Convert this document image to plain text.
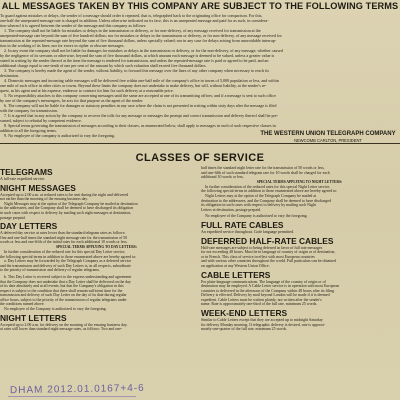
ALL MESSAGES TAKEN BY THIS COMPANY ARE SUBJECT TO THE FOLLOWING TERMS
To guard against mistakes or delays, the sender of a message should order it repeated, that is, telegraphed back to the originating office for comparison. For this,
one-half the unrepeated message rate is charged in addition. Unless otherwise indicated on its face, this is an unrepeated message and paid for as such, in considera-
tion whereof it is agreed between the sender of the message and this company as follows:
1. The company shall not be liable for mistakes or delays in the transmission or delivery, or for non-delivery, of any message received for transmission at the
unrepeated-message rate beyond the sum of five hundred dollars; nor for mistakes or delays in the transmission or delivery, or for non-delivery, of any message received for
transmission at the repeated-message rate beyond the sum of five thousand dollars, unless specially valued; nor in any case for delays arising from unavoidable interrup-
tion in the working of its lines; nor for errors in cipher or obscure messages.
2. In any event the company shall not be liable for damages for mistakes or delays in the transmission or delivery, or for the non-delivery, of any message, whether caused
by the negligence of its servants or otherwise, beyond the sum of five thousand dollars, at which amount each message is deemed to be valued, unless a greater value is
stated in writing by the sender thereof at the time the message is tendered for transmission, and unless the repeated-message rate is paid or agreed to be paid, and an
additional charge equal to one-tenth of one per cent of the amount by which such valuation shall exceed five thousand dollars.
3. The company is hereby made the agent of the sender, without liability, to forward this message over the lines of any other company when necessary to reach its
destination.
4. Domestic messages and incoming cable messages will be delivered free within one-half mile of the company's office in towns of 5,000 population or less, and within
one mile of such office in other cities or towns. Beyond these limits the company does not undertake to make delivery, but will, without liability, at the sender's re-
quest, as his agent and at his expense, endeavor to contract for him for such delivery at a reasonable price.
5. No responsibility attaches to this company concerning messages until the same are accepted at one of its transmitting offices; and if a message is sent to such office
by one of the company's messengers, he acts for that purpose as the agent of the sender.
6. The company will not be liable for damages or statutory penalties in any case where the claim is not presented in writing within sixty days after the message is filed
with the company for transmission.
7. It is agreed that in any action by the company to recover the tolls for any message or messages the prompt and correct transmission and delivery thereof shall be pre-
sumed, subject to rebuttal by competent evidence.
8. Special terms governing the transmission of messages according to their classes, as enumerated below, shall apply to messages in each of such respective classes in
addition to all the foregoing terms.
9. No employee of the company is authorized to vary the foregoing.	THE WESTERN UNION TELEGRAPH COMPANY
NEWCOMB CARLTON, PRESIDENT
CLASSES OF SERVICE
TELEGRAMS
A full-rate expedited service.
NIGHT MESSAGES
Accepted up to 2.00 a.m. at reduced rates to be sent during the night and delivered
not earlier than the morning of the ensuing business day.
Night Messages may at the option of the Telegraph Company be mailed at destination
to the addressees, and the Company shall be deemed to have discharged its obligation
in such cases with respect to delivery by mailing such night messages at destination,
postage prepaid.
DAY LETTERS
A deferred day service at rates lower than the standard telegram rates as follows:
One and one-half times the standard night message rate for the transmission of 50
words or less and one-fifth of the initial rates for each additional 10 words or less.
SPECIAL TERMS APPLYING TO DAY LETTERS:
In further consideration of the reduced rate for this special Day Letter service,
the following special terms in addition to those enumerated above are hereby agreed to:
a. Day Letters may be forwarded by the Telegraph Company as a deferred service
and the transmission and delivery of such Day Letters is, in all respects, subordinate
to the priority of transmission and delivery of regular telegrams.
b. This Day Letter is received subject to the express understanding and agreement
that the Company does not undertake that a Day Letter shall be delivered on the day
of its date absolutely and at all events; but that the Company's obligation in this
respect is subject to the condition that there shall remain sufficient time for the
transmission and delivery of such Day Letter on the day of its date during regular
office hours, subject to the priority of the transmission of regular telegrams under
the conditions named above.
No employee of the Company is authorized to vary the foregoing.
NIGHT LETTERS
Accepted up to 2.00 a.m. for delivery on the morning of the ensuing business day,
at rates still lower than standard night message rates, as follows: Two and one-
half times the standard night letter rate for the transmission of 50 words or less,
and one-fifth of such standard telegram rate for 10 words shall be charged for each
additional 10 words or less.
SPECIAL TERMS APPLYING TO NIGHT LETTERS:
In further consideration of the reduced rates for this special Night Letter service,
the following special terms in addition to those enumerated above are hereby agreed to:
Night Letters may at the option of the Telegraph Company be mailed at
destination to the addressees, and the Company shall be deemed to have discharged
its obligation in such cases with respect to delivery by mailing such Night
Letters at destination, postage prepaid.
No employee of the Company is authorized to vary the foregoing.
FULL RATE CABLES
An expedited service throughout. Code language permitted.
DEFERRED HALF-RATE CABLES
Half-rate messages are subject to being deferred in favor of full rate messages
for not exceeding 48 hours. Must be in language of country of origin or of destination,
or in French. This class of service in effect with most European countries
and with various other countries throughout the world. Full particulars can be obtained
on application at any Western Union Office.
CABLE LETTERS
For plain-language communications. The language of the country of origin or of
destination may be employed. A Cable Letter service is in operation with most European
countries to delivered in the afternoon of the Company within 48 hours after its filing.
Delivery is effected. Delivery by mail beyond London will be made if it is deemed
expedient. Cable Letters must be written plainly, not written after the sender's
name. Rate is approximately one-third of the full rate, minimum 25 words.
WEEK-END LETTERS
Similar to Cable Letters except that they are accepted up to midnight Saturday
for delivery Monday morning. If telegraphic delivery is desired, rate is approxi-
mately one-quarter of the full rate, minimum 25 words.
DHAM 2012.01.0167+4-6
